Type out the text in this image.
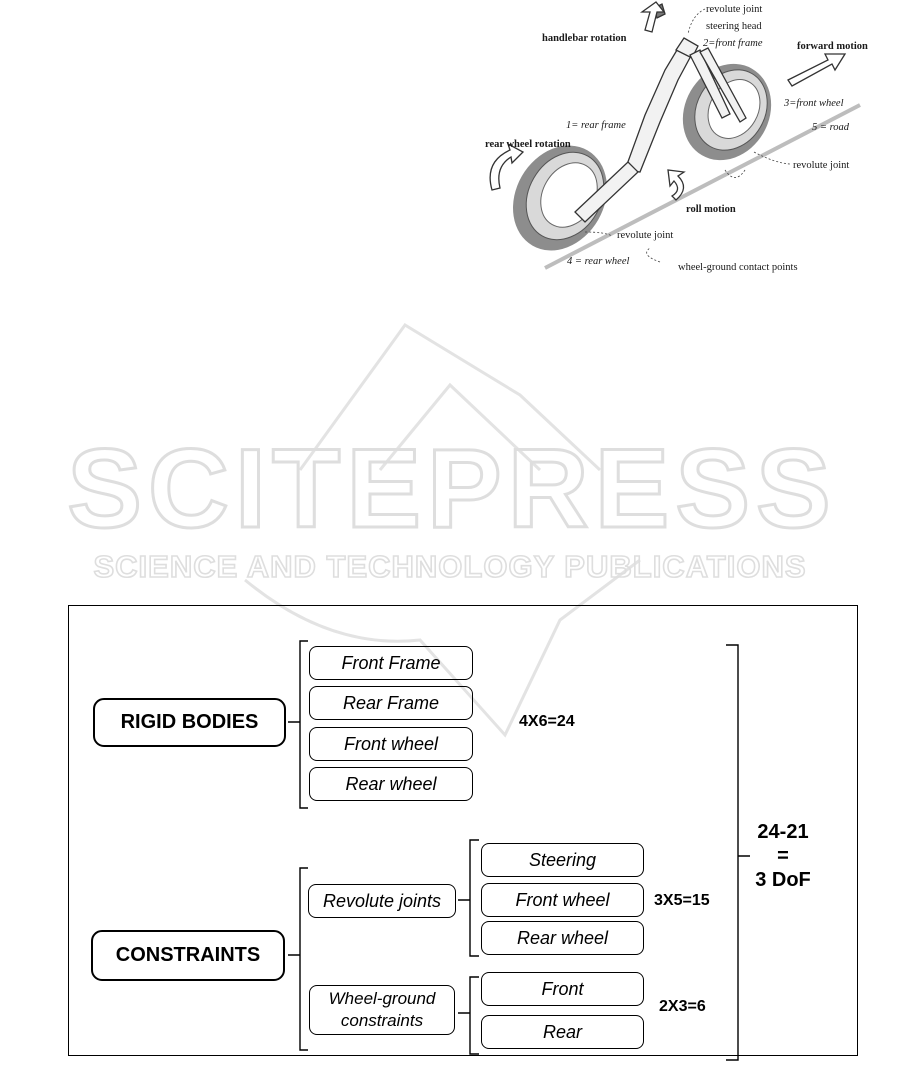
SCITEPRESS
SCIENCE AND TECHNOLOGY PUBLICATIONS
revolute joint
steering head
handlebar rotation	2=front frame	forward motion
3=front wheel
5 = road
1= rear frame
rear wheel rotation
revolute joint
roll motion
revolute joint
4 = rear wheel
wheel-ground contact points
RIGID BODIES
CONSTRAINTS
Front Frame
Rear Frame
Front wheel
Rear wheel
4X6=24
Revolute joints
Wheel-ground
constraints
Steering
Front wheel
Rear wheel
3X5=15
Front
Rear
2X3=6
24-21
=
3 DoF
